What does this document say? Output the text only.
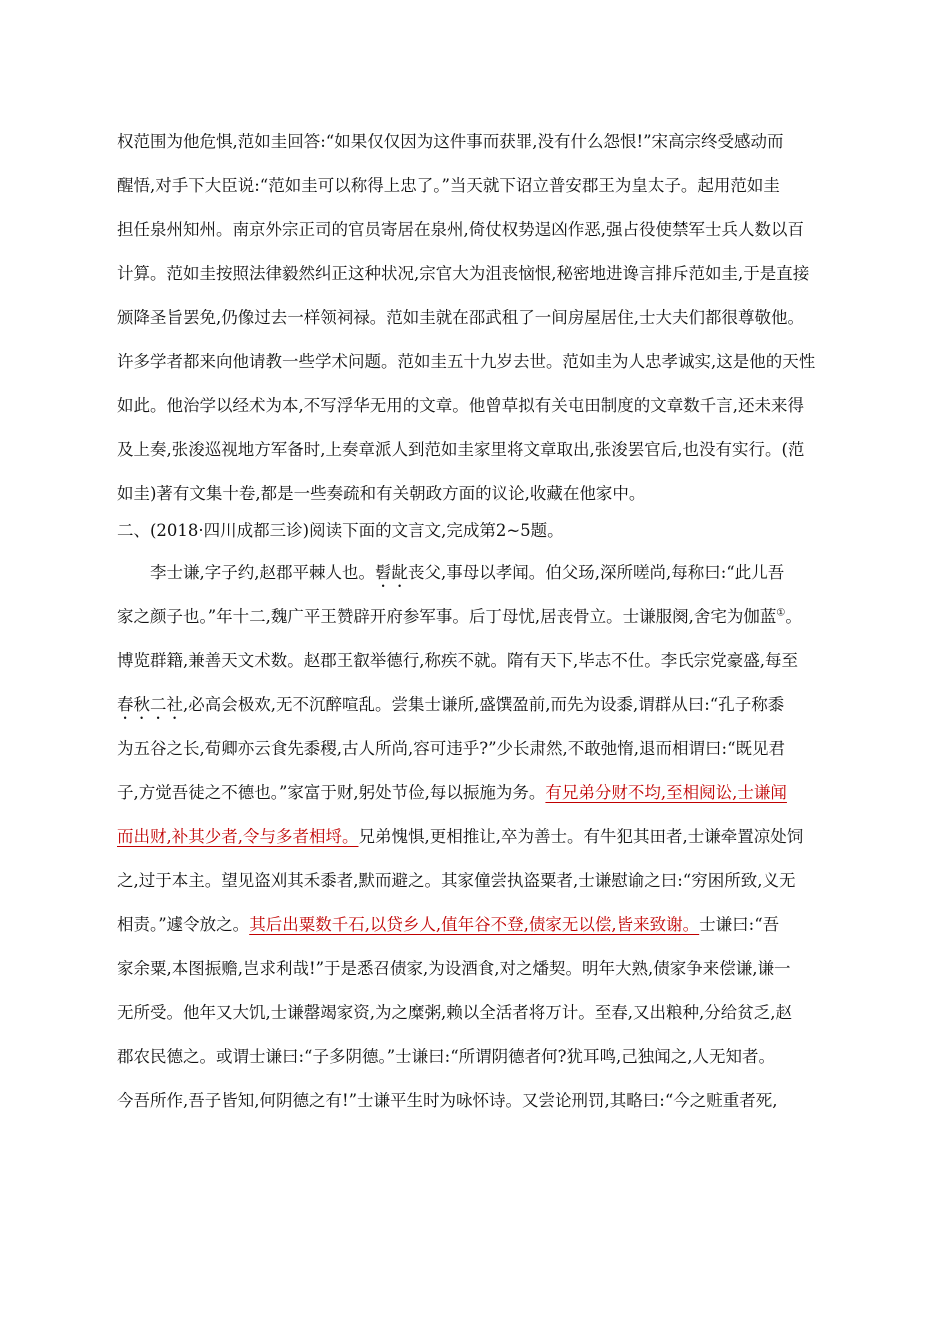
权范围为他危惧,范如圭回答:“如果仅仅因为这件事而获罪,没有什么怨恨!”宋高宗终受感动而
醒悟,对手下大臣说:“范如圭可以称得上忠了。”当天就下诏立普安郡王为皇太子。起用范如圭
担任泉州知州。南京外宗正司的官员寄居在泉州,倚仗权势逞凶作恶,强占役使禁军士兵人数以百
计算。范如圭按照法律毅然纠正这种状况,宗官大为沮丧恼恨,秘密地进谗言排斥范如圭,于是直接
颁降圣旨罢免,仍像过去一样领祠禄。范如圭就在邵武租了一间房屋居住,士大夫们都很尊敬他。
许多学者都来向他请教一些学术问题。范如圭五十九岁去世。范如圭为人忠孝诚实,这是他的天性
如此。他治学以经术为本,不写浮华无用的文章。他曾草拟有关屯田制度的文章数千言,还未来得
及上奏,张浚巡视地方军备时,上奏章派人到范如圭家里将文章取出,张浚罢官后,也没有实行。(范
如圭)著有文集十卷,都是一些奏疏和有关朝政方面的议论,收藏在他家中。
二、(2018·四川成都三诊)阅读下面的文言文,完成第2~5题。
李士谦,字子约,赵郡平棘人也。髫龀丧父,事母以孝闻。伯父玚,深所嗟尚,每称曰:“此儿吾
家之颜子也。”年十二,魏广平王赞辟开府参军事。后丁母忧,居丧骨立。士谦服阕,舍宅为伽蓝①。
博览群籍,兼善天文术数。赵郡王叡举德行,称疾不就。隋有天下,毕志不仕。李氏宗党豪盛,每至
春秋二社,必高会极欢,无不沉醉喧乱。尝集士谦所,盛馔盈前,而先为设黍,谓群从曰:“孔子称黍
为五谷之长,荀卿亦云食先黍稷,古人所尚,容可违乎?”少长肃然,不敢弛惰,退而相谓曰:“既见君
子,方觉吾徒之不德也。”家富于财,躬处节俭,每以振施为务。有兄弟分财不均,至相阋讼,士谦闻
而出财,补其少者,令与多者相埒。兄弟愧惧,更相推让,卒为善士。有牛犯其田者,士谦牵置凉处饲
之,过于本主。望见盗刈其禾黍者,默而避之。其家僮尝执盗粟者,士谦慰谕之曰:“穷困所致,义无
相责。”遽令放之。其后出粟数千石,以贷乡人,值年谷不登,债家无以偿,皆来致谢。士谦曰:“吾
家余粟,本图振赡,岂求利哉!”于是悉召债家,为设酒食,对之燔契。明年大熟,债家争来偿谦,谦一
无所受。他年又大饥,士谦罄竭家资,为之糜粥,赖以全活者将万计。至春,又出粮种,分给贫乏,赵
郡农民德之。或谓士谦曰:“子多阴德。”士谦曰:“所谓阴德者何?犹耳鸣,己独闻之,人无知者。
今吾所作,吾子皆知,何阴德之有!”士谦平生时为咏怀诗。又尝论刑罚,其略曰:“今之赃重者死,
